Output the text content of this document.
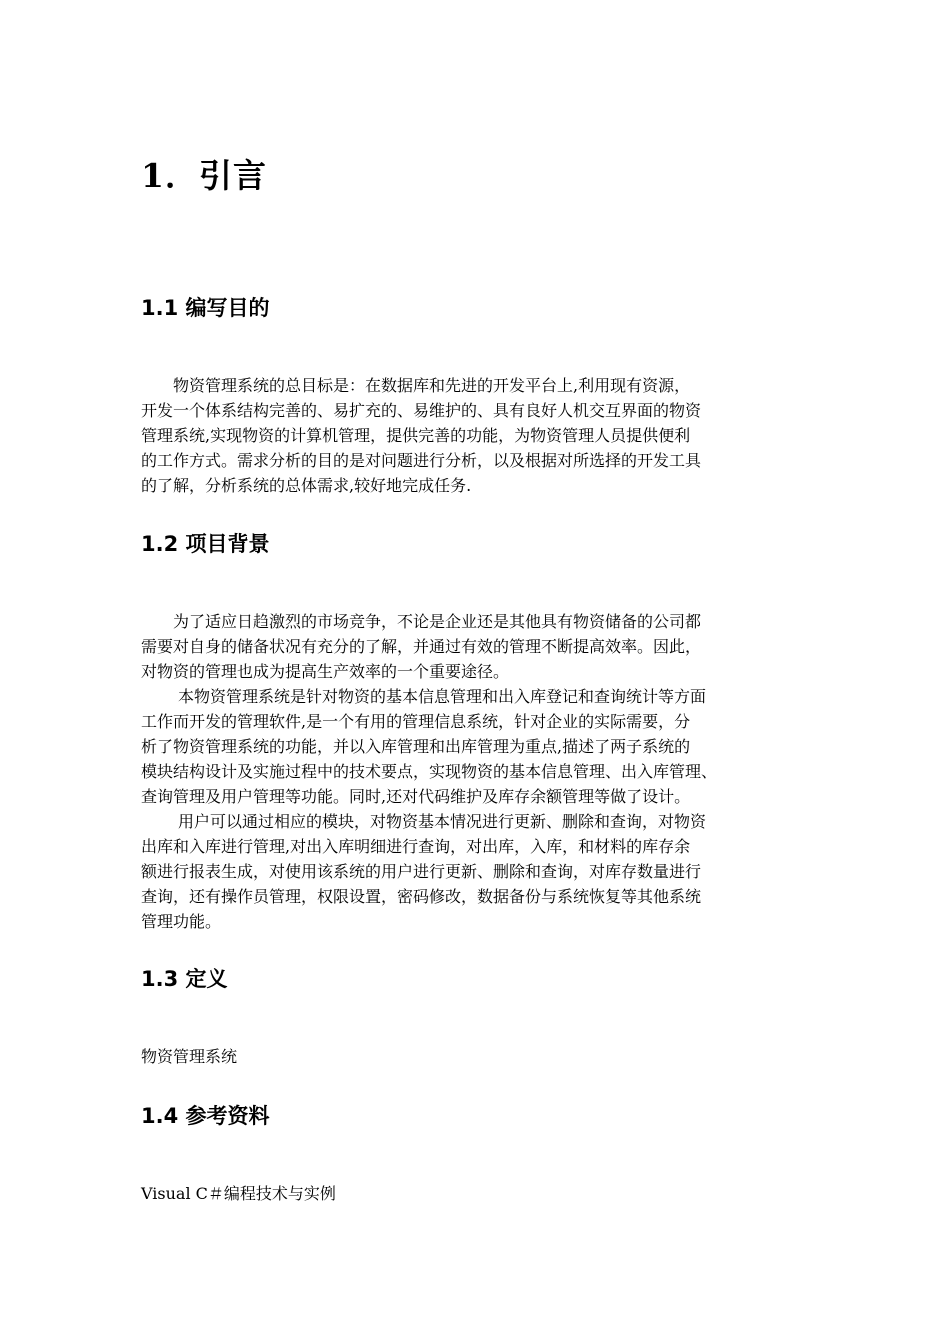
1．引言
1.1 编写目的
物资管理系统的总目标是：在数据库和先进的开发平台上,利用现有资源，
开发一个体系结构完善的、易扩充的、易维护的、具有良好人机交互界面的物资
管理系统,实现物资的计算机管理，提供完善的功能，为物资管理人员提供便利
的工作方式。需求分析的目的是对问题进行分析，以及根据对所选择的开发工具
的了解，分析系统的总体需求,较好地完成任务.
1.2 项目背景
为了适应日趋激烈的市场竞争，不论是企业还是其他具有物资储备的公司都
需要对自身的储备状况有充分的了解，并通过有效的管理不断提高效率。因此，
对物资的管理也成为提高生产效率的一个重要途径。
本物资管理系统是针对物资的基本信息管理和出入库登记和查询统计等方面
工作而开发的管理软件,是一个有用的管理信息系统，针对企业的实际需要，分
析了物资管理系统的功能，并以入库管理和出库管理为重点,描述了两子系统的
模块结构设计及实施过程中的技术要点，实现物资的基本信息管理、出入库管理、
查询管理及用户管理等功能。同时,还对代码维护及库存余额管理等做了设计。
用户可以通过相应的模块，对物资基本情况进行更新、删除和查询，对物资
出库和入库进行管理,对出入库明细进行查询，对出库，入库，和材料的库存余
额进行报表生成，对使用该系统的用户进行更新、删除和查询，对库存数量进行
查询，还有操作员管理，权限设置，密码修改，数据备份与系统恢复等其他系统
管理功能。
1.3 定义
物资管理系统
1.4 参考资料
Visual C＃编程技术与实例
